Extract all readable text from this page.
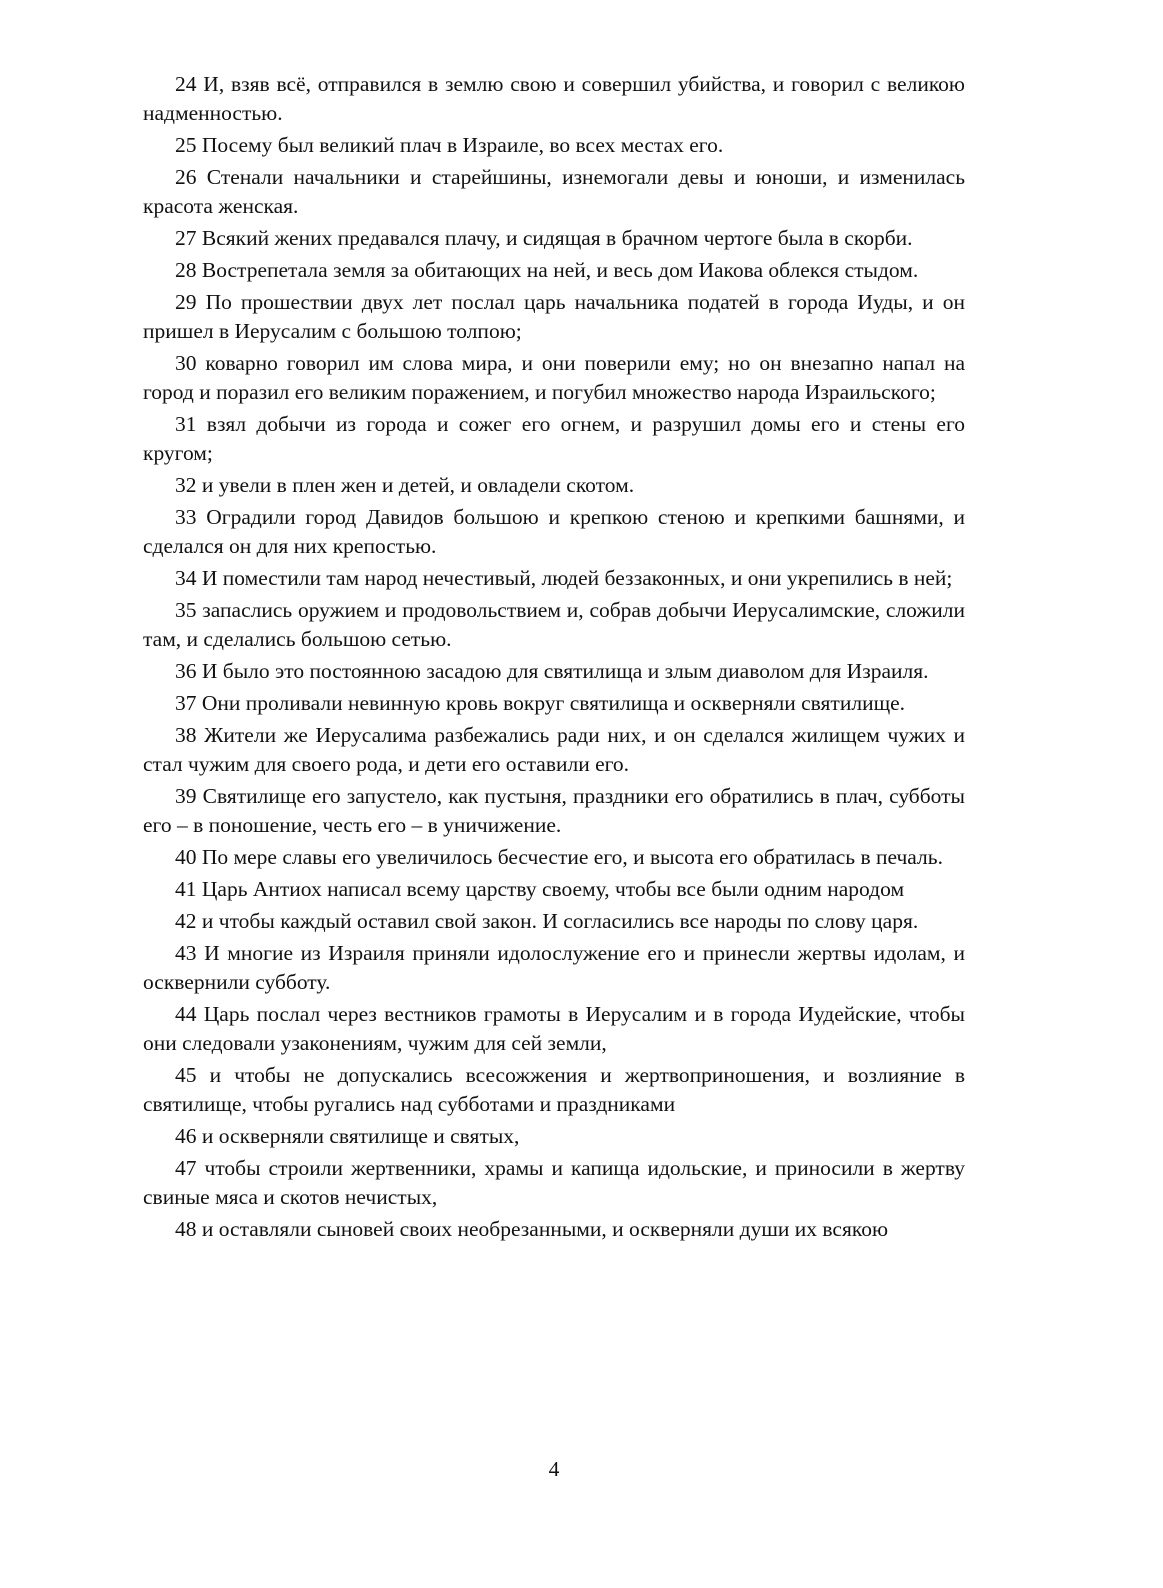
24 И, взяв всё, отправился в землю свою и совершил убийства, и говорил с великою надменностью.

25 Посему был великий плач в Израиле, во всех местах его.

26 Стенали начальники и старейшины, изнемогали девы и юноши, и изменилась красота женская.

27 Всякий жених предавался плачу, и сидящая в брачном чертоге была в скорби.

28 Вострепетала земля за обитающих на ней, и весь дом Иакова облекся стыдом.

29 По прошествии двух лет послал царь начальника податей в города Иуды, и он пришел в Иерусалим с большою толпою;

30 коварно говорил им слова мира, и они поверили ему; но он внезапно напал на город и поразил его великим поражением, и погубил множество народа Израильского;

31 взял добычи из города и сожег его огнем, и разрушил домы его и стены его кругом;

32 и увели в плен жен и детей, и овладели скотом.

33 Оградили город Давидов большою и крепкою стеною и крепкими башнями, и сделался он для них крепостью.

34 И поместили там народ нечестивый, людей беззаконных, и они укрепились в ней;

35 запаслись оружием и продовольствием и, собрав добычи Иерусалимские, сложили там, и сделались большою сетью.

36 И было это постоянною засадою для святилища и злым диаволом для Израиля.

37 Они проливали невинную кровь вокруг святилища и оскверняли святилище.

38 Жители же Иерусалима разбежались ради них, и он сделался жилищем чужих и стал чужим для своего рода, и дети его оставили его.

39 Святилище его запустело, как пустыня, праздники его обратились в плач, субботы его – в поношение, честь его – в уничижение.

40 По мере славы его увеличилось бесчестие его, и высота его обратилась в печаль.

41 Царь Антиох написал всему царству своему, чтобы все были одним народом

42 и чтобы каждый оставил свой закон. И согласились все народы по слову царя.

43 И многие из Израиля приняли идолослужение его и принесли жертвы идолам, и осквернили субботу.

44 Царь послал через вестников грамоты в Иерусалим и в города Иудейские, чтобы они следовали узаконениям, чужим для сей земли,

45 и чтобы не допускались всесожжения и жертвоприношения, и возлияние в святилище, чтобы ругались над субботами и праздниками

46 и оскверняли святилище и святых,

47 чтобы строили жертвенники, храмы и капища идольские, и приносили в жертву свиные мяса и скотов нечистых,

48 и оставляли сыновей своих необрезанными, и оскверняли души их всякою

4
